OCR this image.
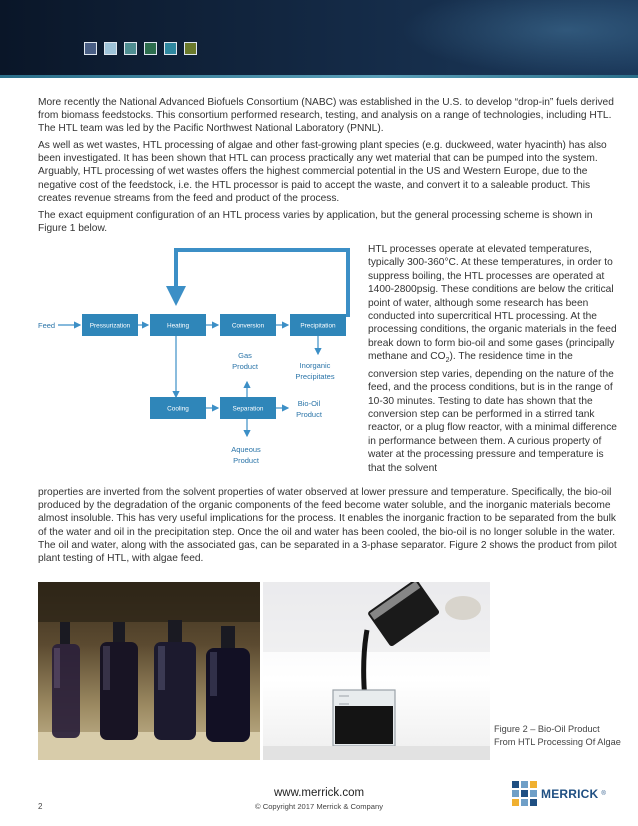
More recently the National Advanced Biofuels Consortium (NABC) was established in the U.S. to develop “drop-in” fuels derived from biomass feedstocks. This consortium performed research, testing, and analysis on a range of technologies, including HTL. The HTL team was led by the Pacific Northwest National Laboratory (PNNL).

As well as wet wastes, HTL processing of algae and other fast-growing plant species (e.g. duckweed, water hyacinth) has also been investigated. It has been shown that HTL can process practically any wet material that can be pumped into the system. Arguably, HTL processing of wet wastes offers the highest commercial potential in the US and Western Europe, due to the negative cost of the feedstock, i.e. the HTL processor is paid to accept the waste, and convert it to a saleable product. This creates revenue streams from the feed and product of the process.

The exact equipment configuration of an HTL process varies by application, but the general processing scheme is shown in Figure 1 below.

Feed	Pressurization	Heating	Conversion	Precipitation
Cooling	Separation
Gas
Product	Inorganic
Precipitates
Bio-Oil
Product
Aqueous
Product

HTL processes operate at elevated temperatures, typically 300-360°C. At these temperatures, in order to suppress boiling, the HTL processes are operated at 1400-2800psig. These conditions are below the critical point of water, although some research has been conducted into supercritical HTL processing. At the processing conditions, the organic materials in the feed break down to form bio-oil and some gases (principally methane and $CO_2$). The residence time in the conversion step varies, depending on the nature of the feed, and the process conditions, but is in the range of 10-30 minutes. Testing to date has shown that the conversion step can be performed in a stirred tank reactor, or a plug flow reactor, with a minimal difference in performance between them. A curious property of water at the processing pressure and temperature is that the solvent

properties are inverted from the solvent properties of water observed at lower pressure and temperature. Specifically, the bio-oil produced by the degradation of the organic components of the feed become water soluble, and the inorganic materials become almost insoluble. This has very useful implications for the process. It enables the inorganic fraction to be separated from the bulk of the water and oil in the precipitation step. Once the oil and water has been cooled, the bio-oil is no longer soluble in the water. The oil and water, along with the associated gas, can be separated in a 3-phase separator. Figure 2 shows the product from pilot plant testing of HTL, with algae feed.

Figure 2 – Bio-Oil Product
From HTL Processing Of Algae
2
www.merrick.com
© Copyright 2017 Merrick & Company
MERRICK ®
